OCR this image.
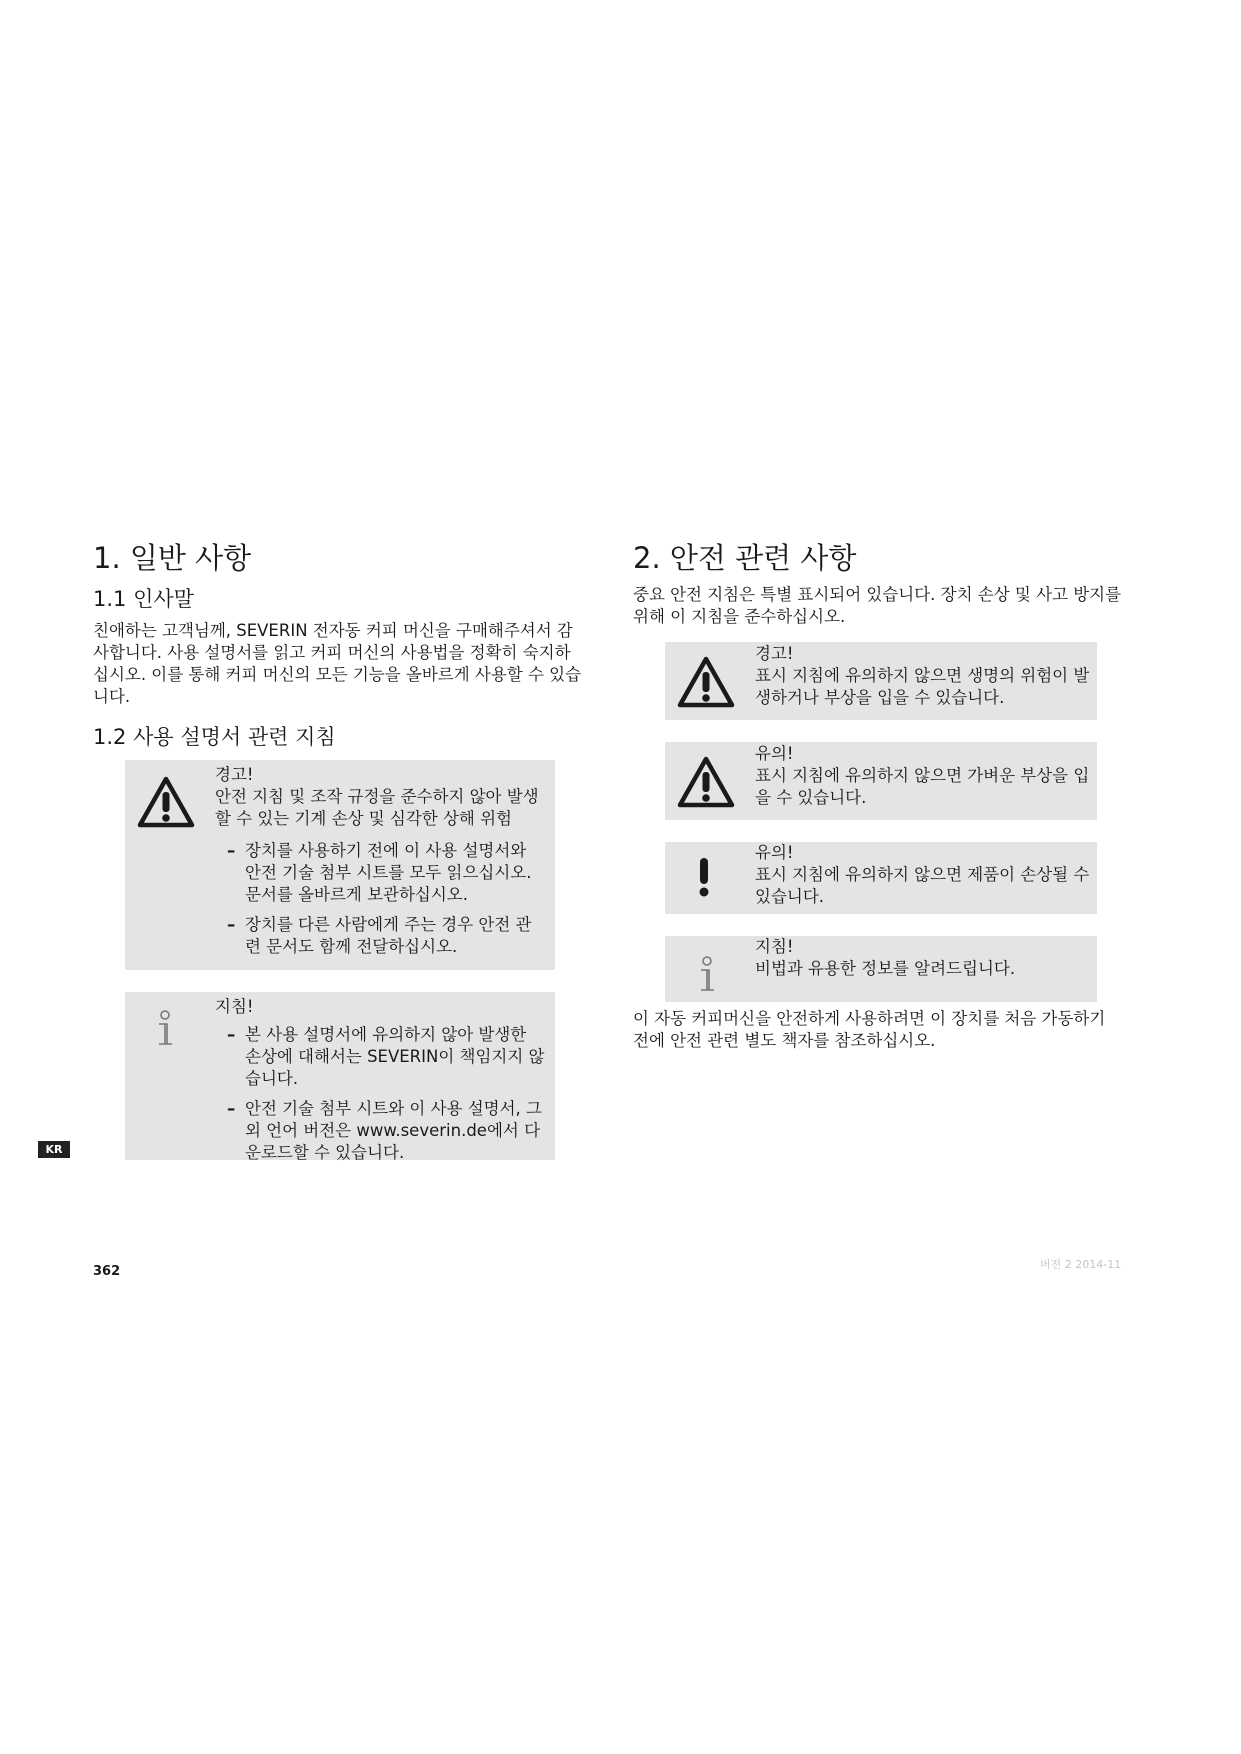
1. 일반 사항
1.1 인사말

친애하는 고객님께, SEVERIN 전자동 커피 머신을 구매해주셔서 감사합니다. 사용 설명서를 읽고 커피 머신의 사용법을 정확히 숙지하십시오. 이를 통해 커피 머신의 모든 기능을 올바르게 사용할 수 있습니다.

1.2 사용 설명서 관련 지침
경고!
안전 지침 및 조작 규정을 준수하지 않아 발생할 수 있는 기계 손상 및 심각한 상해 위험
– 장치를 사용하기 전에 이 사용 설명서와 안전 기술 첨부 시트를 모두 읽으십시오. 문서를 올바르게 보관하십시오.
– 장치를 다른 사람에게 주는 경우 안전 관련 문서도 함께 전달하십시오.
지침!
– 본 사용 설명서에 유의하지 않아 발생한 손상에 대해서는 SEVERIN이 책임지지 않습니다.
– 안전 기술 첨부 시트와 이 사용 설명서, 그 외 언어 버전은 www.severin.de에서 다운로드할 수 있습니다.
2. 안전 관련 사항

중요 안전 지침은 특별 표시되어 있습니다. 장치 손상 및 사고 방지를 위해 이 지침을 준수하십시오.

경고!
표시 지침에 유의하지 않으면 생명의 위험이 발생하거나 부상을 입을 수 있습니다.
유의!
표시 지침에 유의하지 않으면 가벼운 부상을 입을 수 있습니다.
유의!
표시 지침에 유의하지 않으면 제품이 손상될 수 있습니다.
지침!
비법과 유용한 정보를 알려드립니다.

이 자동 커피머신을 안전하게 사용하려면 이 장치를 처음 가동하기 전에 안전 관련 별도 책자를 참조하십시오.

KR
362	버전 2 2014-11
